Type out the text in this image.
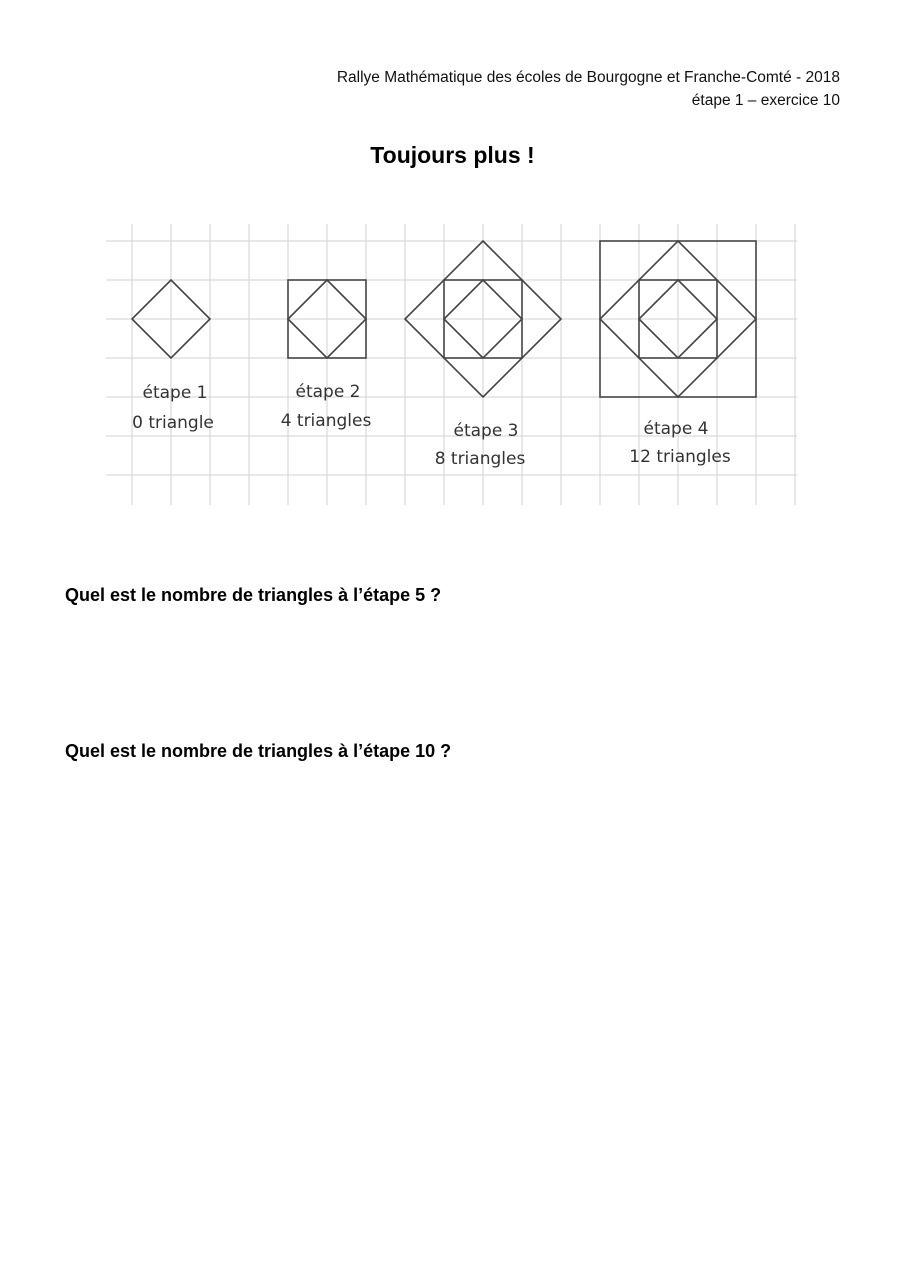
Rallye Mathématique des écoles de Bourgogne et Franche-Comté - 2018
étape 1 – exercice 10
Toujours plus !
étape 1
0 triangle
étape 2
4 triangles	étape 3
8 triangles
étape 4
12 triangles
Quel est le nombre de triangles à l’étape 5 ?
Quel est le nombre de triangles à l’étape 10 ?
